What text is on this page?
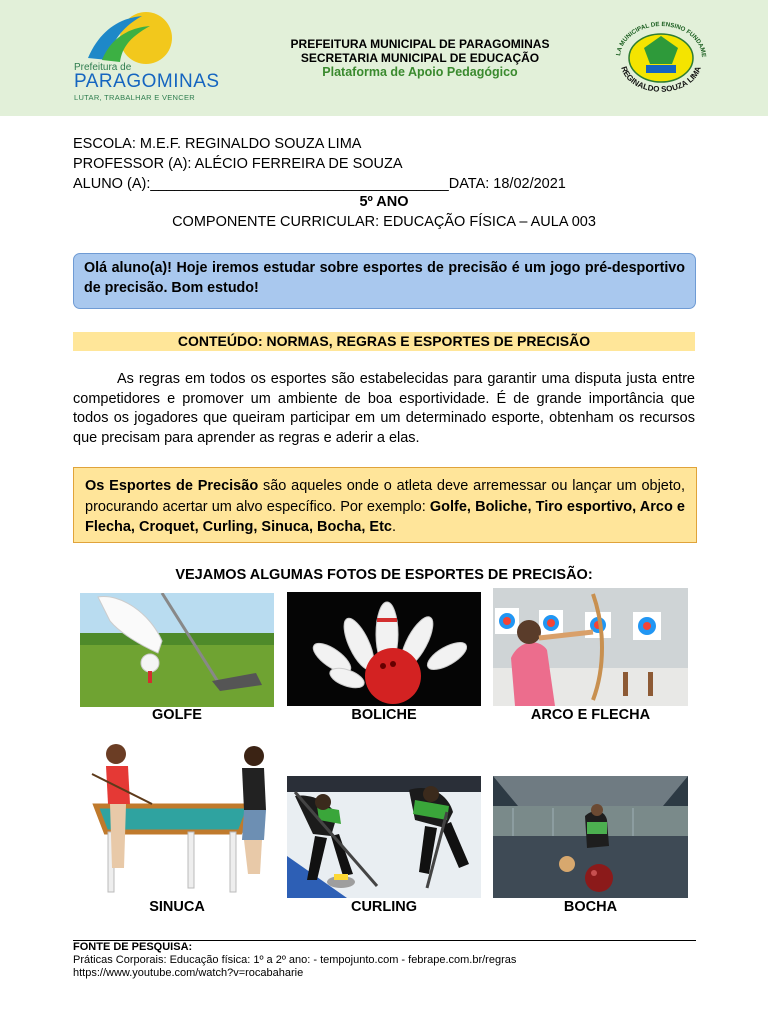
Prefeitura de
PARAGOMINAS
LUTAR, TRABALHAR E VENCER
PREFEITURA MUNICIPAL DE PARAGOMINAS
SECRETARIA MUNICIPAL DE EDUCAÇÃO
Plataforma de Apoio Pedagógico
LA MUNICIPAL DE ENSINO FUNDAME
REGINALDO SOUZA LIMA
ESCOLA: M.E.F. REGINALDO SOUZA LIMA
PROFESSOR (A): ALÉCIO FERREIRA DE SOUZA
ALUNO (A):_____________________________________DATA: 18/02/2021
5º ANO
COMPONENTE CURRICULAR: EDUCAÇÃO FÍSICA – AULA 003
Olá aluno(a)! Hoje iremos estudar sobre esportes de precisão é um jogo pré-desportivo de precisão. Bom estudo!
CONTEÚDO: NORMAS, REGRAS E ESPORTES DE PRECISÃO
As regras em todos os esportes são estabelecidas para garantir uma disputa justa entre competidores e promover um ambiente de boa esportividade. É de grande importância que todos os jogadores que queiram participar em um determinado esporte, obtenham os recursos que precisam para aprender as regras e aderir a elas.
Os Esportes de Precisão são aqueles onde o atleta deve arremessar ou lançar um objeto, procurando acertar um alvo específico. Por exemplo: Golfe, Boliche, Tiro esportivo, Arco e Flecha, Croquet, Curling, Sinuca, Bocha, Etc.
VEJAMOS ALGUMAS FOTOS DE ESPORTES DE PRECISÃO:
GOLFE	BOLICHE	ARCO E FLECHA
SINUCA	CURLING	BOCHA
FONTE DE PESQUISA:
Práticas Corporais: Educação física: 1º a 2º ano: - tempojunto.com - febrape.com.br/regras
https://www.youtube.com/watch?v=rocabaharie
